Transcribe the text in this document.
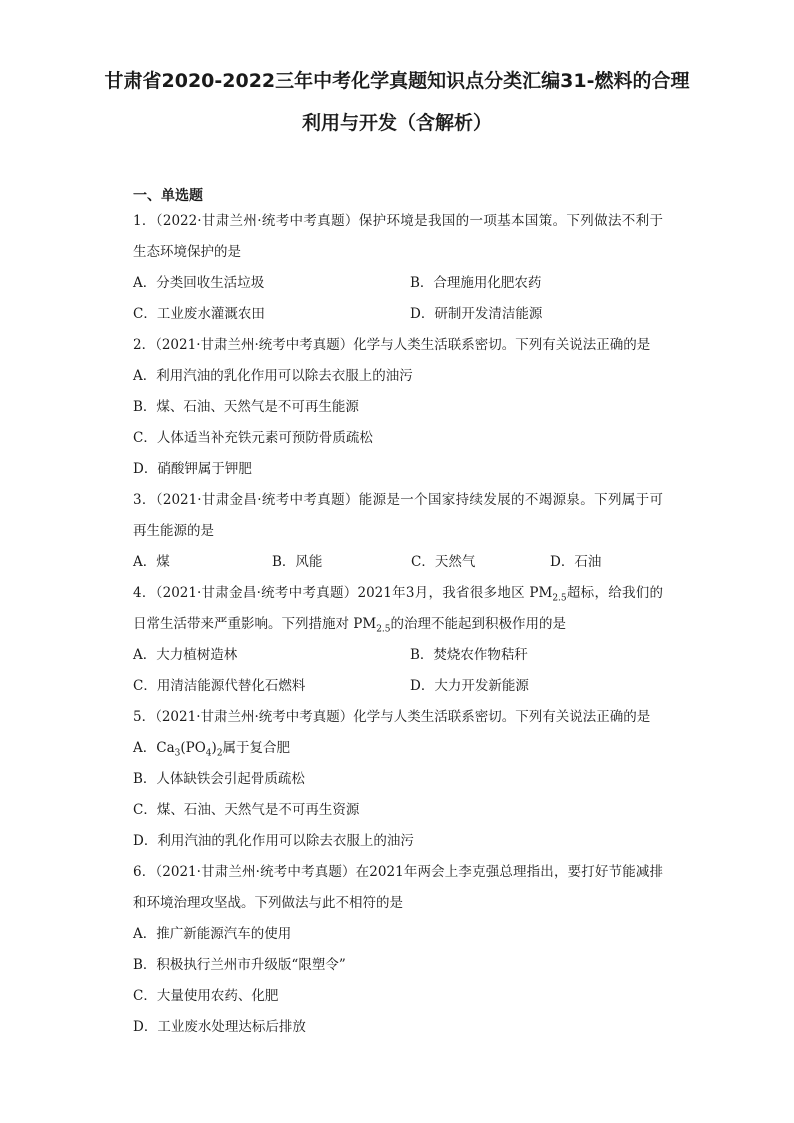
甘肃省2020-2022三年中考化学真题知识点分类汇编31-燃料的合理利用与开发（含解析）
一、单选题
1．（2022·甘肃兰州·统考中考真题）保护环境是我国的一项基本国策。下列做法不利于生态环境保护的是
A．分类回收生活垃圾	B．合理施用化肥农药
C．工业废水灌溉农田	D．研制开发清洁能源
2．（2021·甘肃兰州·统考中考真题）化学与人类生活联系密切。下列有关说法正确的是
A．利用汽油的乳化作用可以除去衣服上的油污
B．煤、石油、天然气是不可再生能源
C．人体适当补充铁元素可预防骨质疏松
D．硝酸钾属于钾肥
3．（2021·甘肃金昌·统考中考真题）能源是一个国家持续发展的不竭源泉。下列属于可再生能源的是
A．煤	B．风能	C．天然气	D．石油
4．（2021·甘肃金昌·统考中考真题）2021年3月，我省很多地区 $PM_{2.5}$超标，给我们的日常生活带来严重影响。下列措施对 $PM_{2.5}$的治理不能起到积极作用的是
A．大力植树造林	B．焚烧农作物秸秆
C．用清洁能源代替化石燃料	D．大力开发新能源
5．（2021·甘肃兰州·统考中考真题）化学与人类生活联系密切。下列有关说法正确的是
A．$Ca_3(PO_4)_2$属于复合肥
B．人体缺铁会引起骨质疏松
C．煤、石油、天然气是不可再生资源
D．利用汽油的乳化作用可以除去衣服上的油污
6．（2021·甘肃兰州·统考中考真题）在2021年两会上李克强总理指出，要打好节能减排和环境治理攻坚战。下列做法与此不相符的是
A．推广新能源汽车的使用
B．积极执行兰州市升级版“限塑令”
C．大量使用农药、化肥
D．工业废水处理达标后排放
